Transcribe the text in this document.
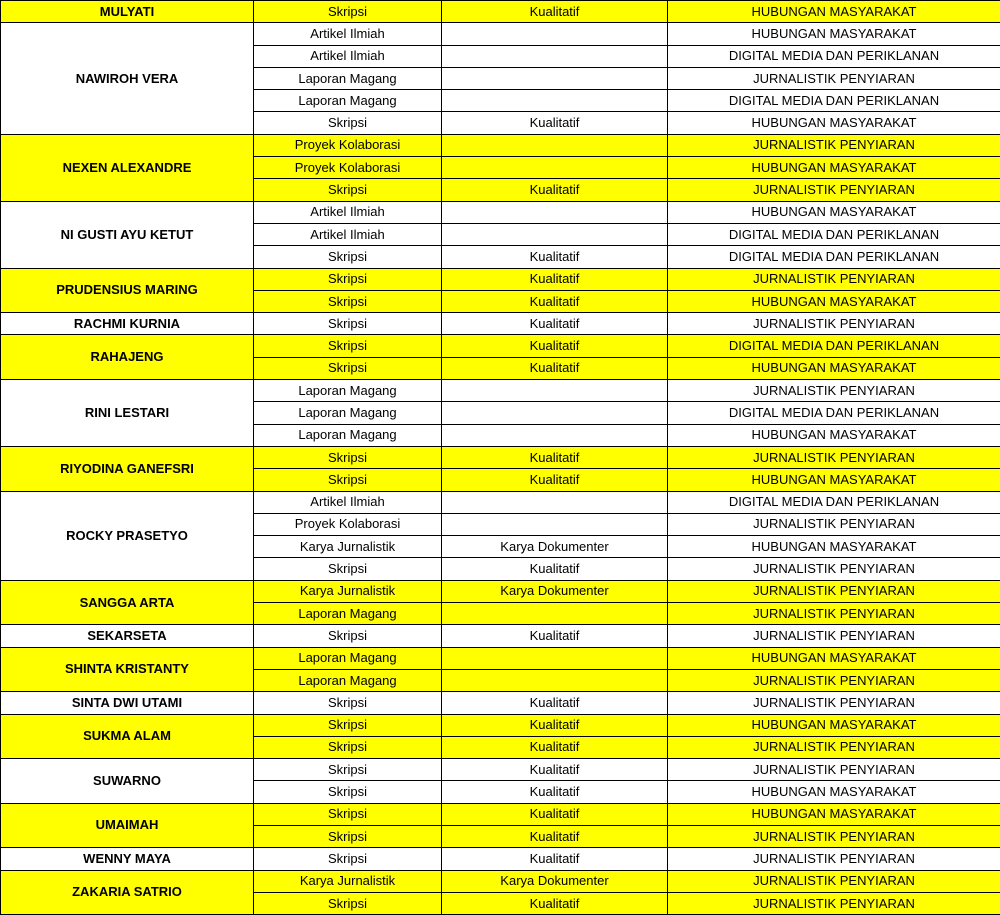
MULYATI	Skripsi	Kualitatif	HUBUNGAN MASYARAKAT
NAWIROH VERA	Artikel Ilmiah		HUBUNGAN MASYARAKAT
	Artikel Ilmiah		DIGITAL MEDIA DAN PERIKLANAN
	Laporan Magang		JURNALISTIK PENYIARAN
	Laporan Magang		DIGITAL MEDIA DAN PERIKLANAN
	Skripsi	Kualitatif	HUBUNGAN MASYARAKAT
NEXEN ALEXANDRE	Proyek Kolaborasi		JURNALISTIK PENYIARAN
	Proyek Kolaborasi		HUBUNGAN MASYARAKAT
	Skripsi	Kualitatif	JURNALISTIK PENYIARAN
NI GUSTI AYU KETUT	Artikel Ilmiah		HUBUNGAN MASYARAKAT
	Artikel Ilmiah		DIGITAL MEDIA DAN PERIKLANAN
	Skripsi	Kualitatif	DIGITAL MEDIA DAN PERIKLANAN
PRUDENSIUS MARING	Skripsi	Kualitatif	JURNALISTIK PENYIARAN
	Skripsi	Kualitatif	HUBUNGAN MASYARAKAT
RACHMI KURNIA	Skripsi	Kualitatif	JURNALISTIK PENYIARAN
RAHAJENG	Skripsi	Kualitatif	DIGITAL MEDIA DAN PERIKLANAN
	Skripsi	Kualitatif	HUBUNGAN MASYARAKAT
RINI LESTARI	Laporan Magang		JURNALISTIK PENYIARAN
	Laporan Magang		DIGITAL MEDIA DAN PERIKLANAN
	Laporan Magang		HUBUNGAN MASYARAKAT
RIYODINA GANEFSRI	Skripsi	Kualitatif	JURNALISTIK PENYIARAN
	Skripsi	Kualitatif	HUBUNGAN MASYARAKAT
ROCKY PRASETYO	Artikel Ilmiah		DIGITAL MEDIA DAN PERIKLANAN
	Proyek Kolaborasi		JURNALISTIK PENYIARAN
	Karya Jurnalistik	Karya Dokumenter	HUBUNGAN MASYARAKAT
	Skripsi	Kualitatif	JURNALISTIK PENYIARAN
SANGGA ARTA	Karya Jurnalistik	Karya Dokumenter	JURNALISTIK PENYIARAN
	Laporan Magang		JURNALISTIK PENYIARAN
SEKARSETA	Skripsi	Kualitatif	JURNALISTIK PENYIARAN
SHINTA KRISTANTY	Laporan Magang		HUBUNGAN MASYARAKAT
	Laporan Magang		JURNALISTIK PENYIARAN
SINTA DWI UTAMI	Skripsi	Kualitatif	JURNALISTIK PENYIARAN
SUKMA ALAM	Skripsi	Kualitatif	HUBUNGAN MASYARAKAT
	Skripsi	Kualitatif	JURNALISTIK PENYIARAN
SUWARNO	Skripsi	Kualitatif	JURNALISTIK PENYIARAN
	Skripsi	Kualitatif	HUBUNGAN MASYARAKAT
UMAIMAH	Skripsi	Kualitatif	HUBUNGAN MASYARAKAT
	Skripsi	Kualitatif	JURNALISTIK PENYIARAN
WENNY MAYA	Skripsi	Kualitatif	JURNALISTIK PENYIARAN
ZAKARIA SATRIO	Karya Jurnalistik	Karya Dokumenter	JURNALISTIK PENYIARAN
	Skripsi	Kualitatif	JURNALISTIK PENYIARAN
